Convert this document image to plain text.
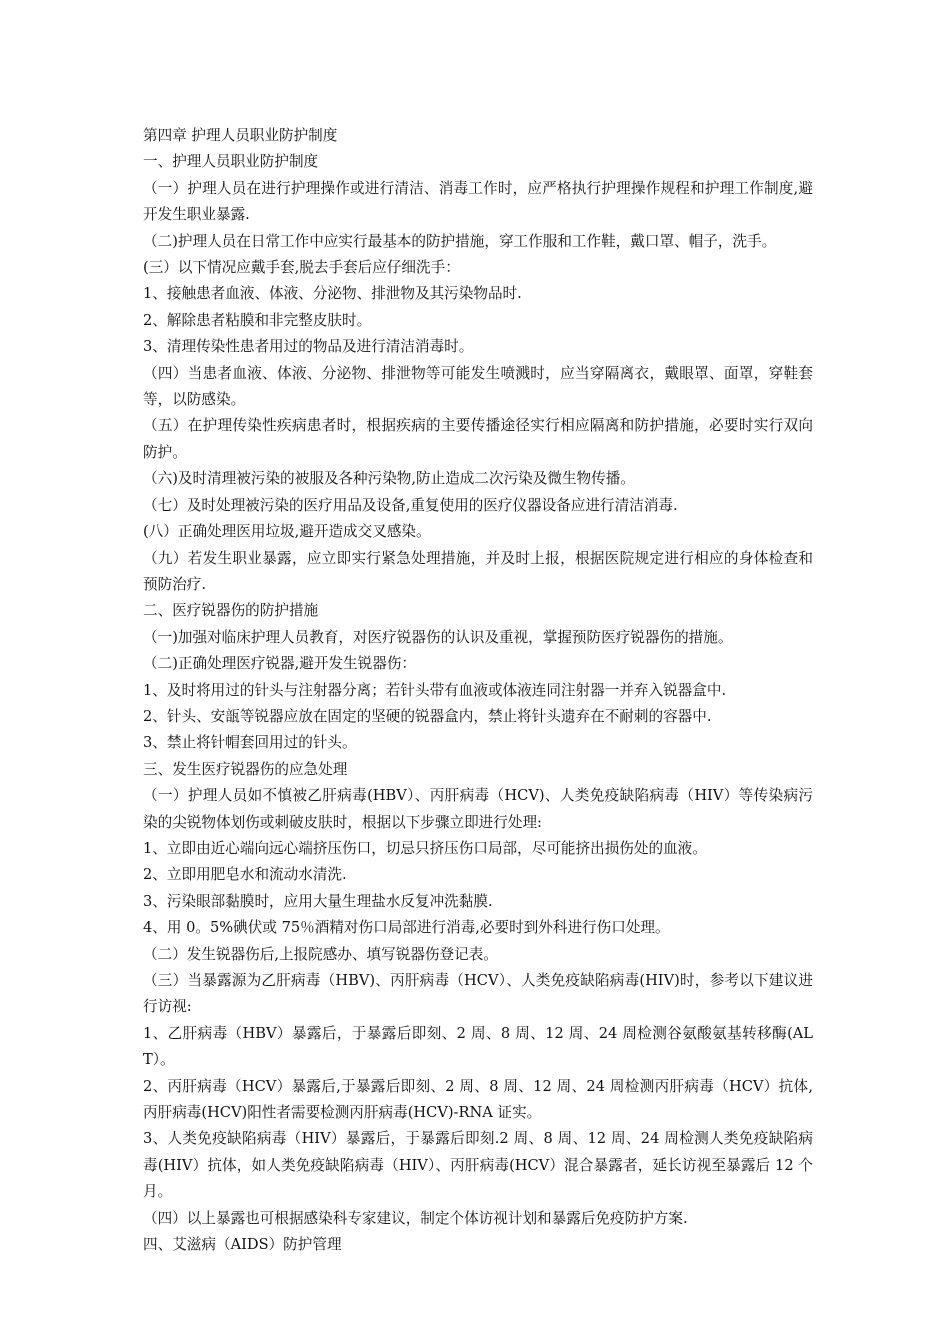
第四章 护理人员职业防护制度

一、护理人员职业防护制度

（一）护理人员在进行护理操作或进行清洁、消毒工作时，应严格执行护理操作规程和护理工作制度,避开发生职业暴露.

（二)护理人员在日常工作中应实行最基本的防护措施，穿工作服和工作鞋，戴口罩、帽子，洗手。

(三）以下情况应戴手套,脱去手套后应仔细洗手：

1、接触患者血液、体液、分泌物、排泄物及其污染物品时.

2、解除患者粘膜和非完整皮肤时。

3、清理传染性患者用过的物品及进行清洁消毒时。

（四）当患者血液、体液、分泌物、排泄物等可能发生喷溅时，应当穿隔离衣，戴眼罩、面罩，穿鞋套等，以防感染。

（五）在护理传染性疾病患者时，根据疾病的主要传播途径实行相应隔离和防护措施，必要时实行双向防护。

（六)及时清理被污染的被服及各种污染物,防止造成二次污染及微生物传播。

（七）及时处理被污染的医疗用品及设备,重复使用的医疗仪器设备应进行清洁消毒.

(八）正确处理医用垃圾,避开造成交叉感染。

（九）若发生职业暴露，应立即实行紧急处理措施，并及时上报，根据医院规定进行相应的身体检查和预防治疗.

二、医疗锐器伤的防护措施

（一)加强对临床护理人员教育，对医疗锐器伤的认识及重视，掌握预防医疗锐器伤的措施。

（二)正确处理医疗锐器,避开发生锐器伤：

1、及时将用过的针头与注射器分离；若针头带有血液或体液连同注射器一并弃入锐器盒中.

2、针头、安瓿等锐器应放在固定的坚硬的锐器盒内，禁止将针头遗弃在不耐刺的容器中.

3、禁止将针帽套回用过的针头。

三、发生医疗锐器伤的应急处理

（一）护理人员如不慎被乙肝病毒(HBV）、丙肝病毒（HCV)、人类免疫缺陷病毒（HIV）等传染病污染的尖锐物体划伤或刺破皮肤时，根据以下步骤立即进行处理:

1、立即由近心端向远心端挤压伤口，切忌只挤压伤口局部，尽可能挤出损伤处的血液。

2、立即用肥皂水和流动水清洗.

3、污染眼部黏膜时，应用大量生理盐水反复冲洗黏膜.

4、用 0。5%碘伏或 75％酒精对伤口局部进行消毒,必要时到外科进行伤口处理。

（二）发生锐器伤后,上报院感办、填写锐器伤登记表。

（三）当暴露源为乙肝病毒（HBV)、丙肝病毒（HCV）、人类免疫缺陷病毒(HIV)时，参考以下建议进行访视:

1、乙肝病毒（HBV）暴露后，于暴露后即刻、2 周、8 周、12 周、24 周检测谷氨酸氨基转移酶(ALT）。

2、丙肝病毒（HCV）暴露后,于暴露后即刻、2 周、8 周、12 周、24 周检测丙肝病毒（HCV）抗体,丙肝病毒(HCV)阳性者需要检测丙肝病毒(HCV)-RNA 证实。

3、人类免疫缺陷病毒（HIV）暴露后，于暴露后即刻.2 周、8 周、12 周、24 周检测人类免疫缺陷病毒(HIV）抗体，如人类免疫缺陷病毒（HIV）、丙肝病毒(HCV）混合暴露者，延长访视至暴露后 12 个月。

（四）以上暴露也可根据感染科专家建议，制定个体访视计划和暴露后免疫防护方案.

四、艾滋病（AIDS）防护管理
